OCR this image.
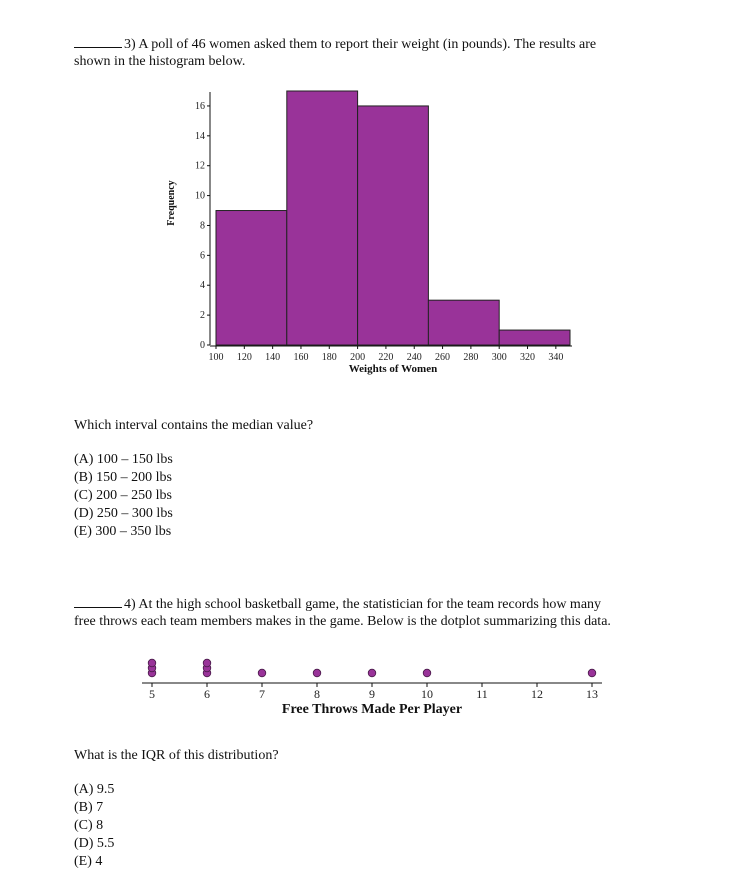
3) A poll of 46 women asked them to report their weight (in pounds). The results are
shown in the histogram below.
0
2
4
6
8
10
12
14
16
100 120 140 160 180 200 220 240 260 280 300 320 340
Weights of Women
Frequency
Which interval contains the median value?
(A) 100 – 150 lbs
(B) 150 – 200 lbs
(C) 200 – 250 lbs
(D) 250 – 300 lbs
(E) 300 – 350 lbs
4) At the high school basketball game, the statistician for the team records how many
free throws each team members makes in the game. Below is the dotplot summarizing this data.
5	6	7	8	9	10	11	12	13
Free Throws Made Per Player
What is the IQR of this distribution?
(A) 9.5
(B) 7
(C) 8
(D) 5.5
(E) 4
